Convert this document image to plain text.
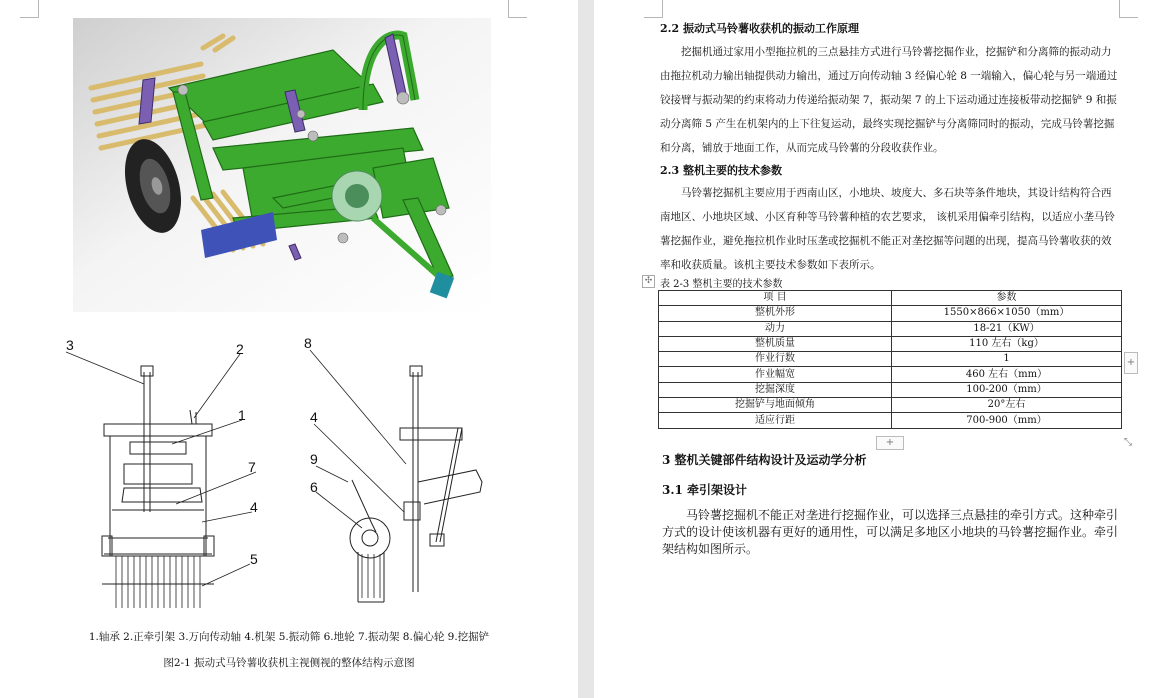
3	2
1
7
4
5
8
4
9
6
1.轴承 2.正牵引架 3.万向传动轴 4.机架 5.振动筛 6.地轮 7.振动架 8.偏心轮 9.挖掘铲
图2-1 振动式马铃薯收获机主视侧视的整体结构示意图
2.2 振动式马铃薯收获机的振动工作原理
挖掘机通过家用小型拖拉机的三点悬挂方式进行马铃薯挖掘作业，挖掘铲和分离筛的振动动力
由拖拉机动力输出轴提供动力输出，通过万向传动轴 3 经偏心轮 8 一端输入，偏心轮与另一端通过
铰接臂与振动架的约束将动力传递给振动架 7，振动架 7 的上下运动通过连接板带动挖掘铲 9 和振
动分离筛 5 产生在机架内的上下往复运动，最终实现挖掘铲与分离筛同时的振动，完成马铃薯挖掘
和分离，铺放于地面工作，从而完成马铃薯的分段收获作业。
2.3 整机主要的技术参数
马铃薯挖掘机主要应用于西南山区，小地块、坡度大、多石块等条件地块，其设计结构符合西
南地区、小地块区域、小区育种等马铃薯种植的农艺要求， 该机采用偏牵引结构，以适应小垄马铃
薯挖掘作业，避免拖拉机作业时压垄或挖掘机不能正对垄挖掘等问题的出现，提高马铃薯收获的效
率和收获质量。该机主要技术参数如下表所示。
✣ 表 2-3 整机主要的技术参数
项 目	参数
整机外形	1550×866×1050（mm）
动力	18-21（KW）
整机质量	110 左右（kg）
作业行数	1
作业幅宽	460 左右（mm）
挖掘深度	100-200（mm）
挖掘铲与地面倾角	20°左右
适应行距	700-900（mm）
+
+	⤡
3 整机关键部件结构设计及运动学分析
3.1 牵引架设计
马铃薯挖掘机不能正对垄进行挖掘作业，可以选择三点悬挂的牵引方式。这种牵引
方式的设计使该机器有更好的通用性，可以满足多地区小地块的马铃薯挖掘作业。牵引
架结构如图所示。
